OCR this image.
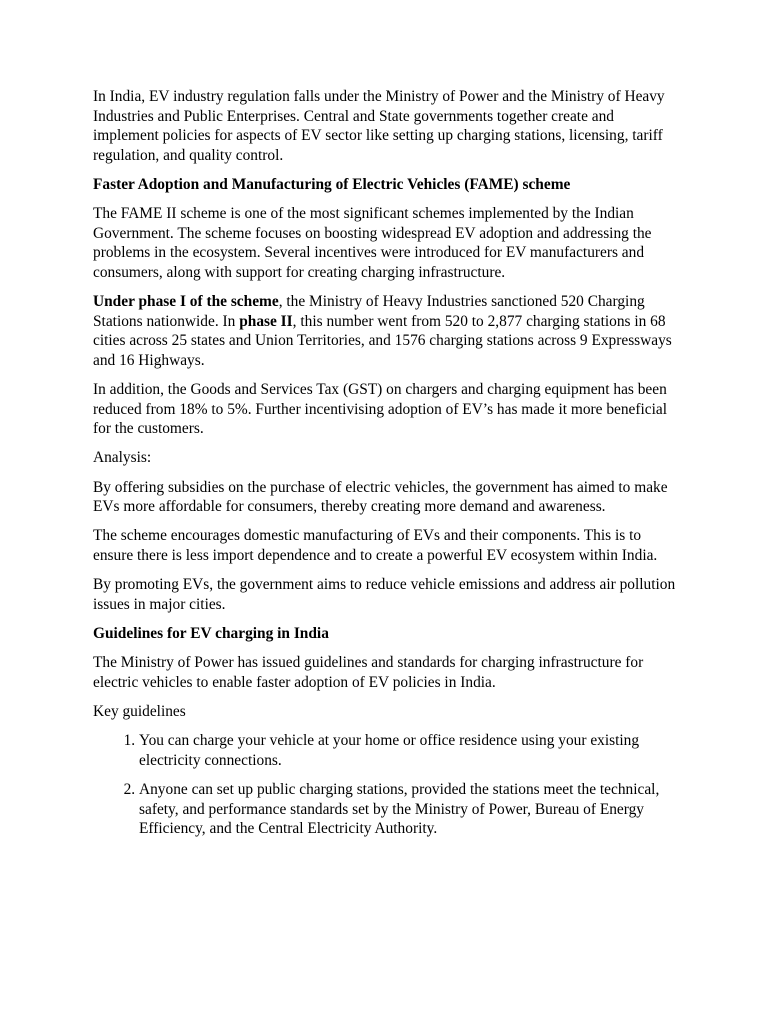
In India, EV industry regulation falls under the Ministry of Power and the Ministry of Heavy Industries and Public Enterprises. Central and State governments together create and implement policies for aspects of EV sector like setting up charging stations, licensing, tariff regulation, and quality control.

Faster Adoption and Manufacturing of Electric Vehicles (FAME) scheme

The FAME II scheme is one of the most significant schemes implemented by the Indian Government. The scheme focuses on boosting widespread EV adoption and addressing the problems in the ecosystem. Several incentives were introduced for EV manufacturers and consumers, along with support for creating charging infrastructure.

Under phase I of the scheme, the Ministry of Heavy Industries sanctioned 520 Charging Stations nationwide. In phase II, this number went from 520 to 2,877 charging stations in 68 cities across 25 states and Union Territories, and 1576 charging stations across 9 Expressways and 16 Highways.

In addition, the Goods and Services Tax (GST) on chargers and charging equipment has been reduced from 18% to 5%. Further incentivising adoption of EV’s has made it more beneficial for the customers.

Analysis:

By offering subsidies on the purchase of electric vehicles, the government has aimed to make EVs more affordable for consumers, thereby creating more demand and awareness.

The scheme encourages domestic manufacturing of EVs and their components. This is to ensure there is less import dependence and to create a powerful EV ecosystem within India.

By promoting EVs, the government aims to reduce vehicle emissions and address air pollution issues in major cities.

Guidelines for EV charging in India

The Ministry of Power has issued guidelines and standards for charging infrastructure for electric vehicles to enable faster adoption of EV policies in India.

Key guidelines

1. You can charge your vehicle at your home or office residence using your existing electricity connections.
2. Anyone can set up public charging stations, provided the stations meet the technical, safety, and performance standards set by the Ministry of Power, Bureau of Energy Efficiency, and the Central Electricity Authority.
